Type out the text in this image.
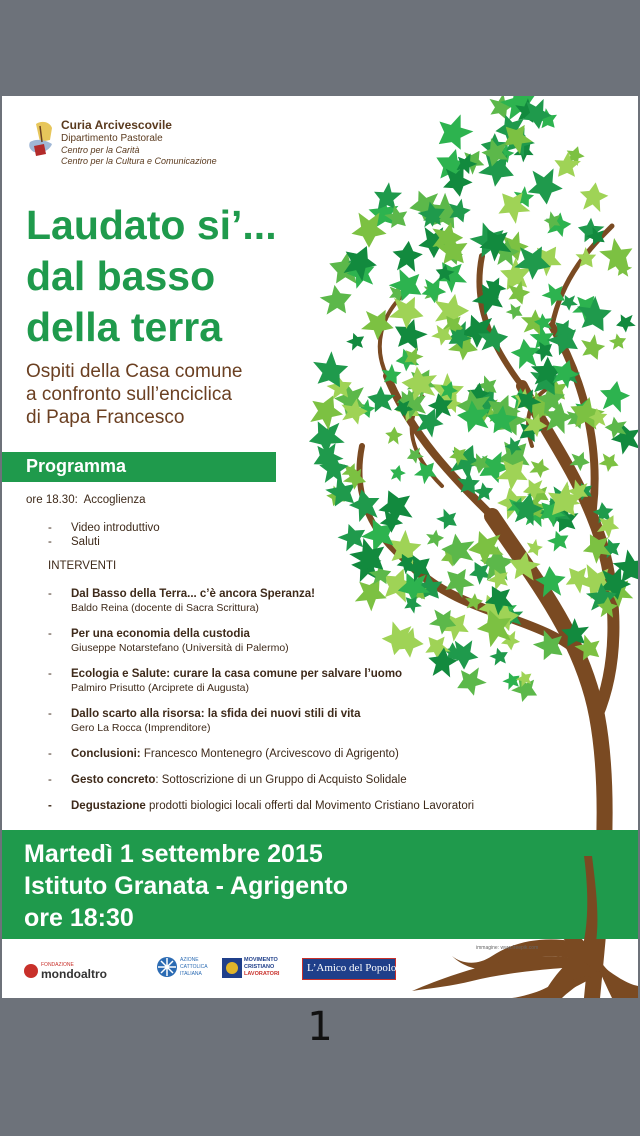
Curia Arcivescovile
Dipartimento Pastorale
Centro per la Carità
Centro per la Cultura e Comunicazione
Laudato si’...
dal basso
della terra
Ospiti della Casa comune
a confronto sull’enciclica
di Papa Francesco
Programma
ore 18.30: Accoglienza
- Video introduttivo
- Saluti
INTERVENTI
- Dal Basso della Terra... c’è ancora Speranza!
Baldo Reina (docente di Sacra Scrittura)
- Per una economia della custodia
Giuseppe Notarstefano (Università di Palermo)
- Ecologia e Salute: curare la casa comune per salvare l’uomo
Palmiro Prisutto (Arciprete di Augusta)
- Dallo scarto alla risorsa: la sfida dei nuovi stili di vita
Gero La Rocca (Imprenditore)
- Conclusioni: Francesco Montenegro (Arcivescovo di Agrigento)
- Gesto concreto: Sottoscrizione di un Gruppo di Acquisto Solidale
- Degustazione prodotti biologici locali offerti dal Movimento Cristiano Lavoratori
Martedì 1 settembre 2015
Istituto Granata - Agrigento
ore 18:30
immagine: www.freepik.com
FONDAZIONE
mondoaltro
AZIONE
CATTOLICA
ITALIANA
MOVIMENTO
CRISTIANO
LAVORATORI	L’Amico del Popolo
1
